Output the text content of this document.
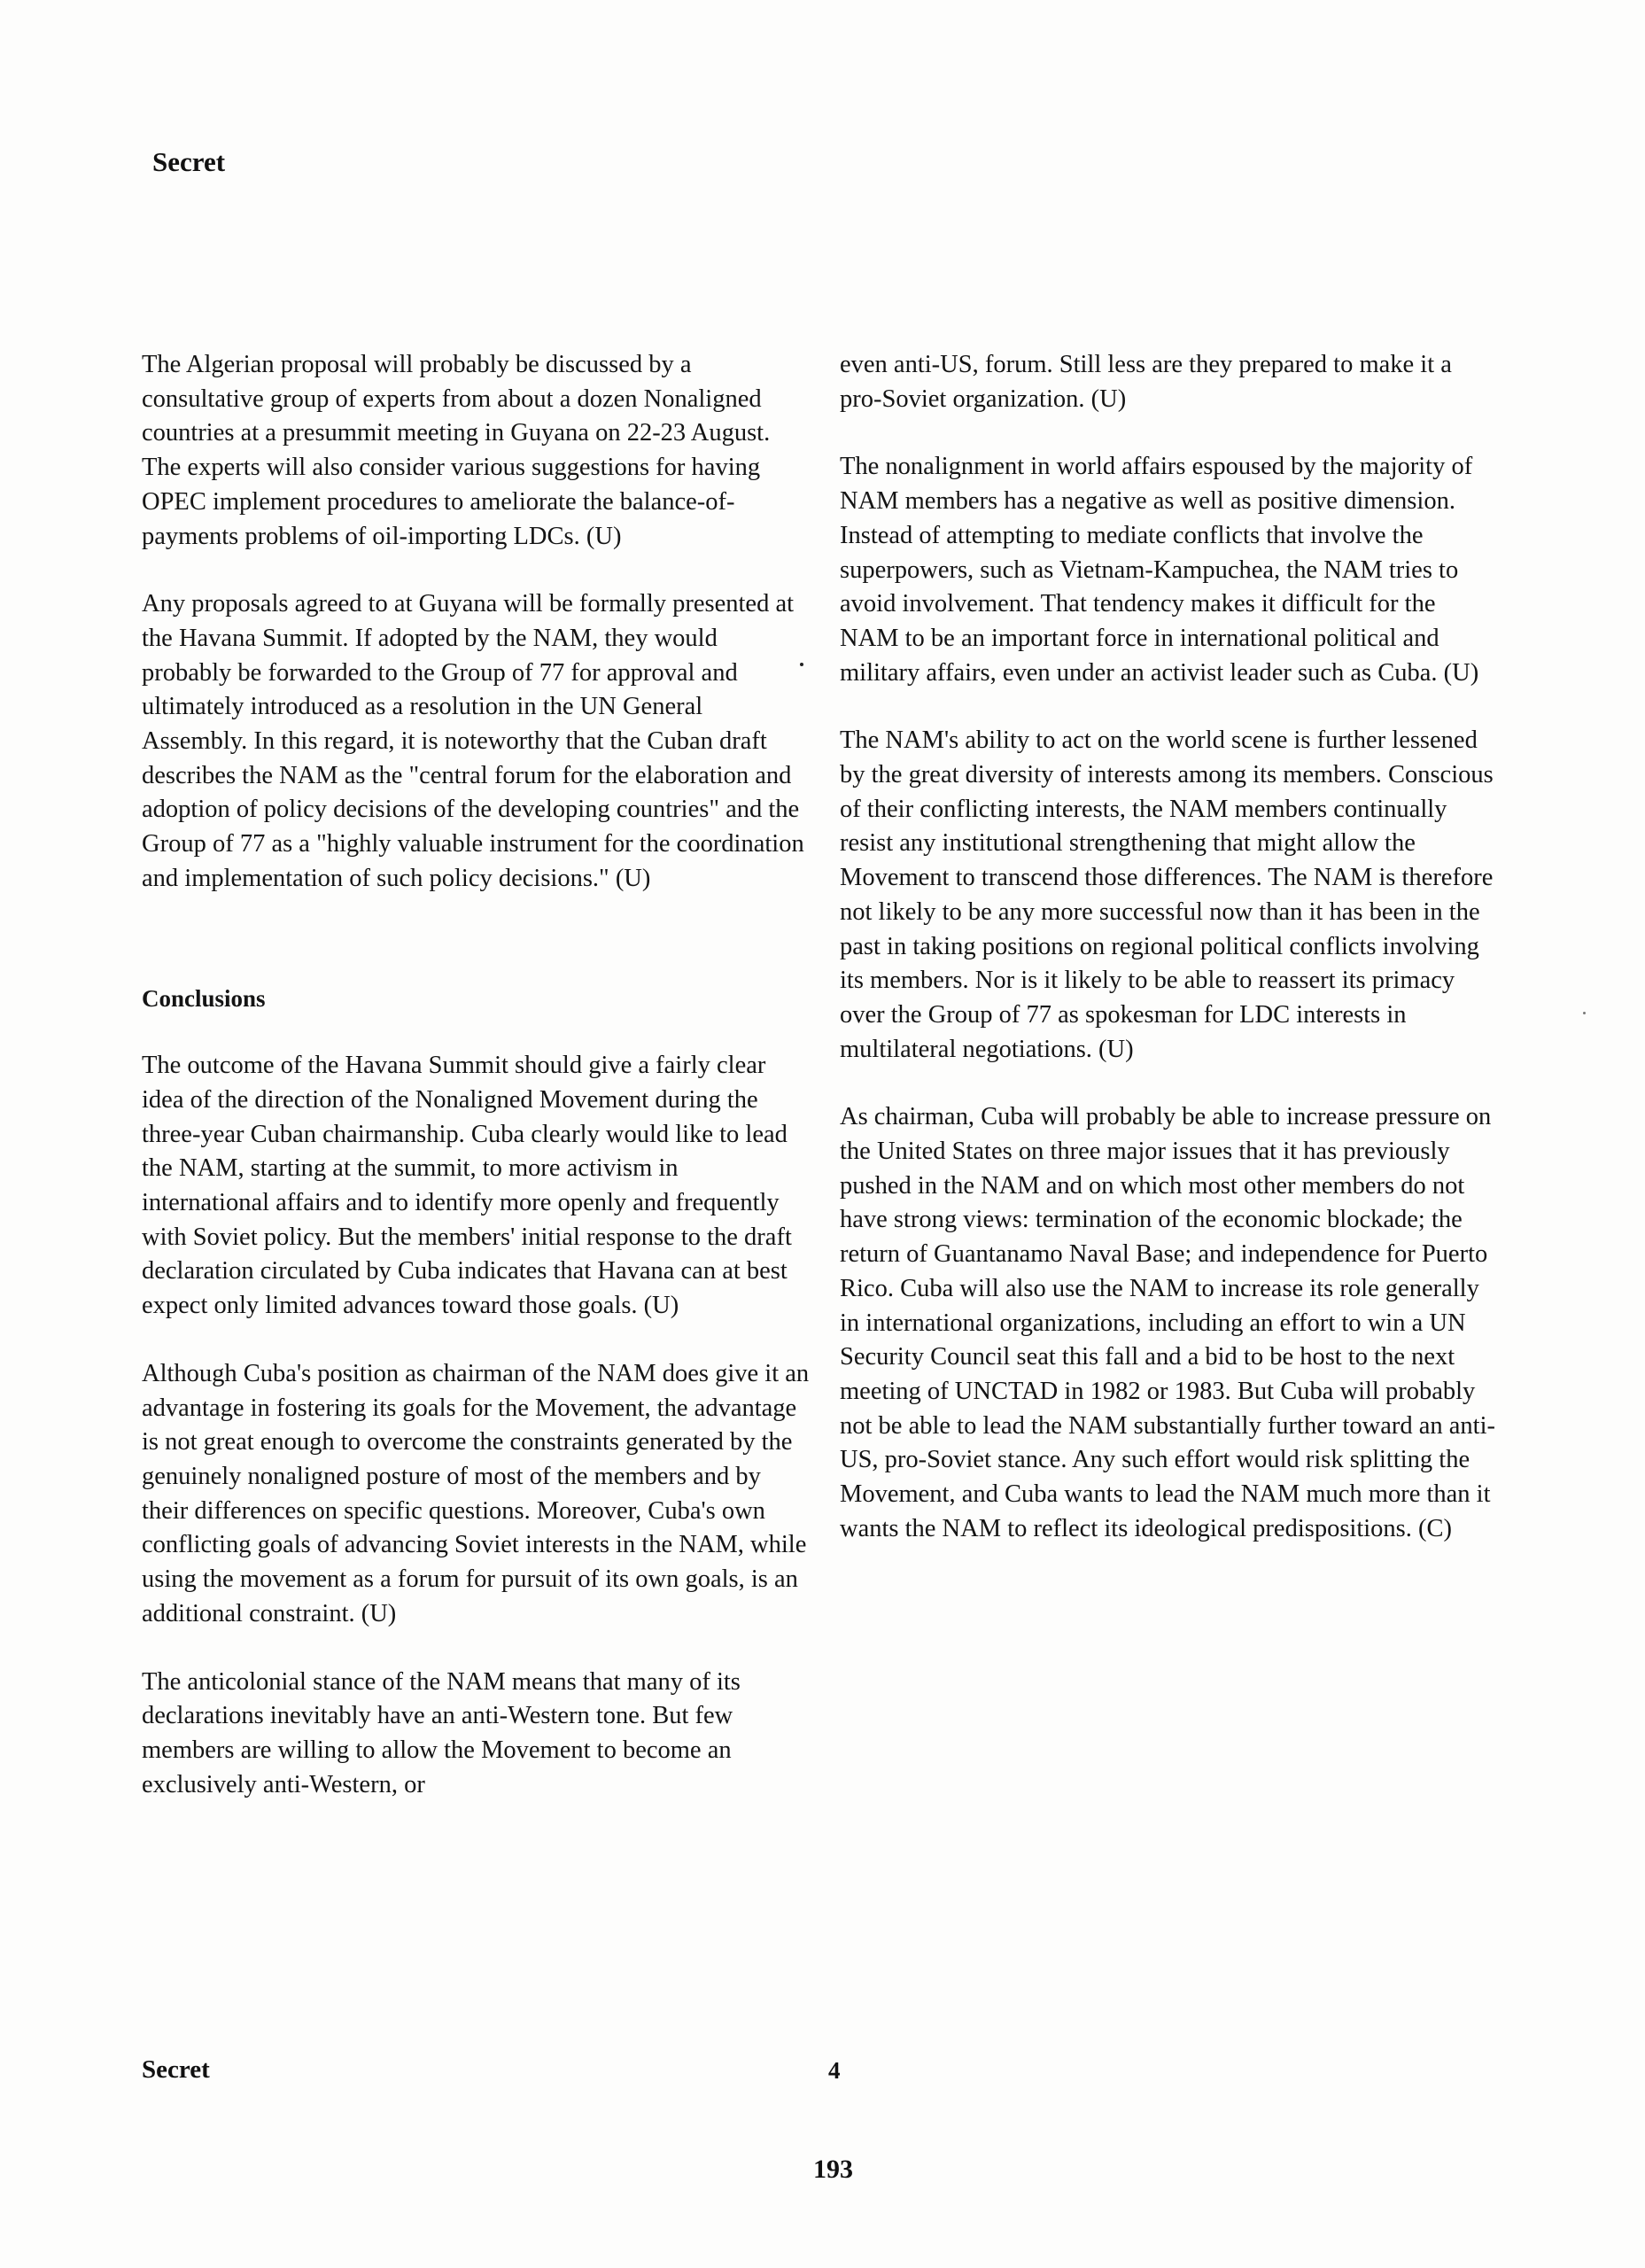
Secret

The Algerian proposal will probably be discussed by a consultative group of experts from about a dozen Nonaligned countries at a presummit meeting in Guyana on 22-23 August. The experts will also consider various suggestions for having OPEC implement procedures to ameliorate the balance-of-payments problems of oil-importing LDCs. (U)

Any proposals agreed to at Guyana will be formally presented at the Havana Summit. If adopted by the NAM, they would probably be forwarded to the Group of 77 for approval and ultimately introduced as a resolution in the UN General Assembly. In this regard, it is noteworthy that the Cuban draft describes the NAM as the "central forum for the elaboration and adoption of policy decisions of the developing countries" and the Group of 77 as a "highly valuable instrument for the coordination and implementation of such policy decisions." (U)

Conclusions

The outcome of the Havana Summit should give a fairly clear idea of the direction of the Nonaligned Movement during the three-year Cuban chairmanship. Cuba clearly would like to lead the NAM, starting at the summit, to more activism in international affairs and to identify more openly and frequently with Soviet policy. But the members' initial response to the draft declaration circulated by Cuba indicates that Havana can at best expect only limited advances toward those goals. (U)

Although Cuba's position as chairman of the NAM does give it an advantage in fostering its goals for the Movement, the advantage is not great enough to overcome the constraints generated by the genuinely nonaligned posture of most of the members and by their differences on specific questions. Moreover, Cuba's own conflicting goals of advancing Soviet interests in the NAM, while using the movement as a forum for pursuit of its own goals, is an additional constraint. (U)

The anticolonial stance of the NAM means that many of its declarations inevitably have an anti-Western tone. But few members are willing to allow the Movement to become an exclusively anti-Western, or

even anti-US, forum. Still less are they prepared to make it a pro-Soviet organization. (U)

The nonalignment in world affairs espoused by the majority of NAM members has a negative as well as positive dimension. Instead of attempting to mediate conflicts that involve the superpowers, such as Vietnam-Kampuchea, the NAM tries to avoid involvement. That tendency makes it difficult for the NAM to be an important force in international political and military affairs, even under an activist leader such as Cuba. (U)

The NAM's ability to act on the world scene is further lessened by the great diversity of interests among its members. Conscious of their conflicting interests, the NAM members continually resist any institutional strengthening that might allow the Movement to transcend those differences. The NAM is therefore not likely to be any more successful now than it has been in the past in taking positions on regional political conflicts involving its members. Nor is it likely to be able to reassert its primacy over the Group of 77 as spokesman for LDC interests in multilateral negotiations. (U)

As chairman, Cuba will probably be able to increase pressure on the United States on three major issues that it has previously pushed in the NAM and on which most other members do not have strong views: termination of the economic blockade; the return of Guantanamo Naval Base; and independence for Puerto Rico. Cuba will also use the NAM to increase its role generally in international organizations, including an effort to win a UN Security Council seat this fall and a bid to be host to the next meeting of UNCTAD in 1982 or 1983. But Cuba will probably not be able to lead the NAM substantially further toward an anti-US, pro-Soviet stance. Any such effort would risk splitting the Movement, and Cuba wants to lead the NAM much more than it wants the NAM to reflect its ideological predispositions. (C)

Secret	4
193
